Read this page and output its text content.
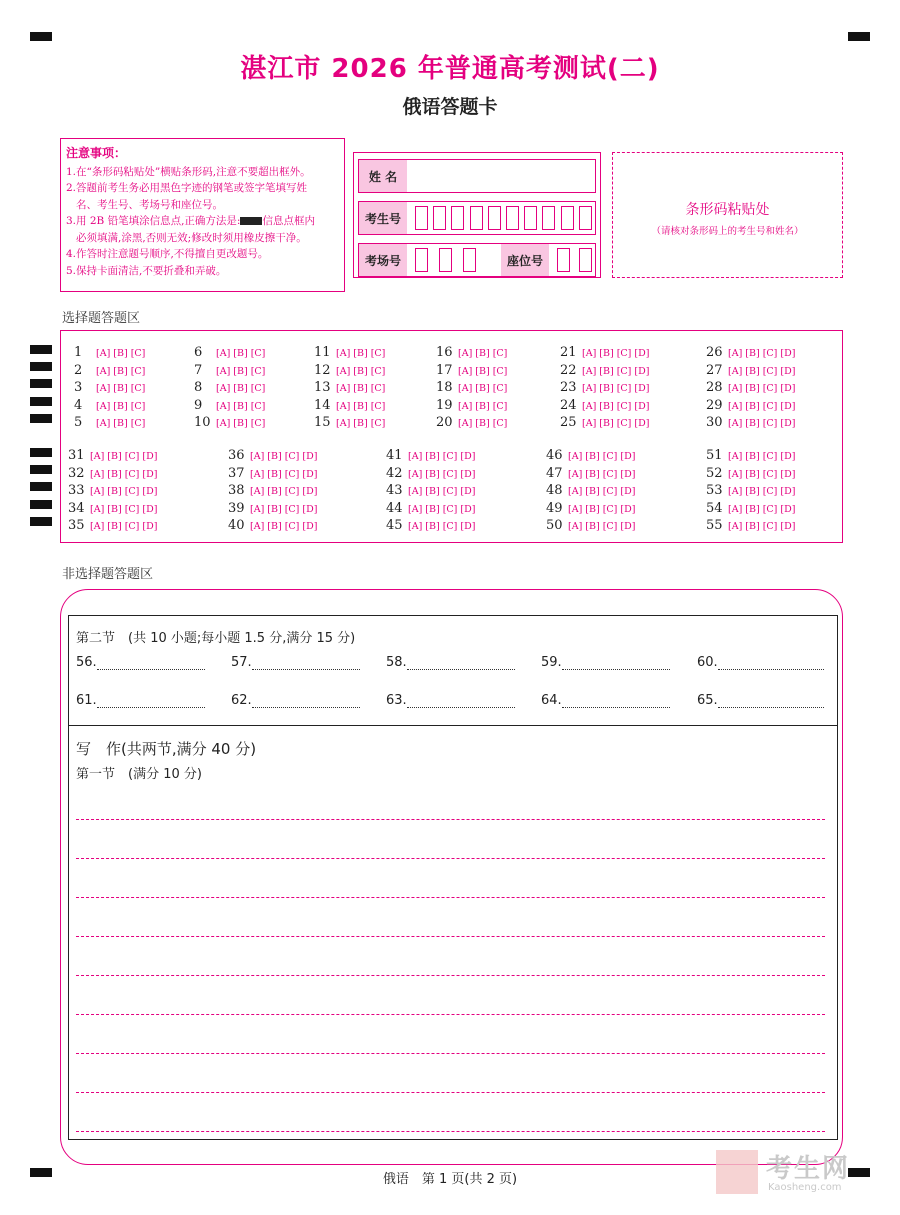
湛江市 2026 年普通高考测试(二)
俄语答题卡
注意事项：
1.在“条形码粘贴处”横贴条形码,注意不要超出框外。
2.答题前考生务必用黑色字迹的钢笔或签字笔填写姓
名、考生号、考场号和座位号。
3.用 2B 铅笔填涂信息点,正确方法是: 信息点框内
必须填满,涂黑,否则无效;修改时须用橡皮擦干净。
4.作答时注意题号顺序,不得擅自更改题号。
5.保持卡面清洁,不要折叠和弄破。
姓 名
考生号
考场号	座位号
条形码粘贴处
（请核对条形码上的考生号和姓名）
选择题答题区
1 [A] [B] [C]
2 [A] [B] [C]
3 [A] [B] [C]
4 [A] [B] [C]
5 [A] [B] [C]
6 [A] [B] [C]
7 [A] [B] [C]
8 [A] [B] [C]
9 [A] [B] [C]
10 [A] [B] [C]
11 [A] [B] [C]
12 [A] [B] [C]
13 [A] [B] [C]
14 [A] [B] [C]
15 [A] [B] [C]
16 [A] [B] [C]
17 [A] [B] [C]
18 [A] [B] [C]
19 [A] [B] [C]
20 [A] [B] [C]
21 [A] [B] [C] [D]
22 [A] [B] [C] [D]
23 [A] [B] [C] [D]
24 [A] [B] [C] [D]
25 [A] [B] [C] [D]
26 [A] [B] [C] [D]
27 [A] [B] [C] [D]
28 [A] [B] [C] [D]
29 [A] [B] [C] [D]
30 [A] [B] [C] [D]
31 [A] [B] [C] [D]
32 [A] [B] [C] [D]
33 [A] [B] [C] [D]
34 [A] [B] [C] [D]
35 [A] [B] [C] [D]
36 [A] [B] [C] [D]
37 [A] [B] [C] [D]
38 [A] [B] [C] [D]
39 [A] [B] [C] [D]
40 [A] [B] [C] [D]
41 [A] [B] [C] [D]
42 [A] [B] [C] [D]
43 [A] [B] [C] [D]
44 [A] [B] [C] [D]
45 [A] [B] [C] [D]
46 [A] [B] [C] [D]
47 [A] [B] [C] [D]
48 [A] [B] [C] [D]
49 [A] [B] [C] [D]
50 [A] [B] [C] [D]
51 [A] [B] [C] [D]
52 [A] [B] [C] [D]
53 [A] [B] [C] [D]
54 [A] [B] [C] [D]
55 [A] [B] [C] [D]
非选择题答题区
第二节　(共 10 小题;每小题 1.5 分,满分 15 分)
56.	57.	58.	59.	60.
61.	62.	63.	64.	65.
写　作(共两节,满分 40 分)
第一节　(满分 10 分)
俄语　第 1 页(共 2 页)	考生网
Kaosheng.com
